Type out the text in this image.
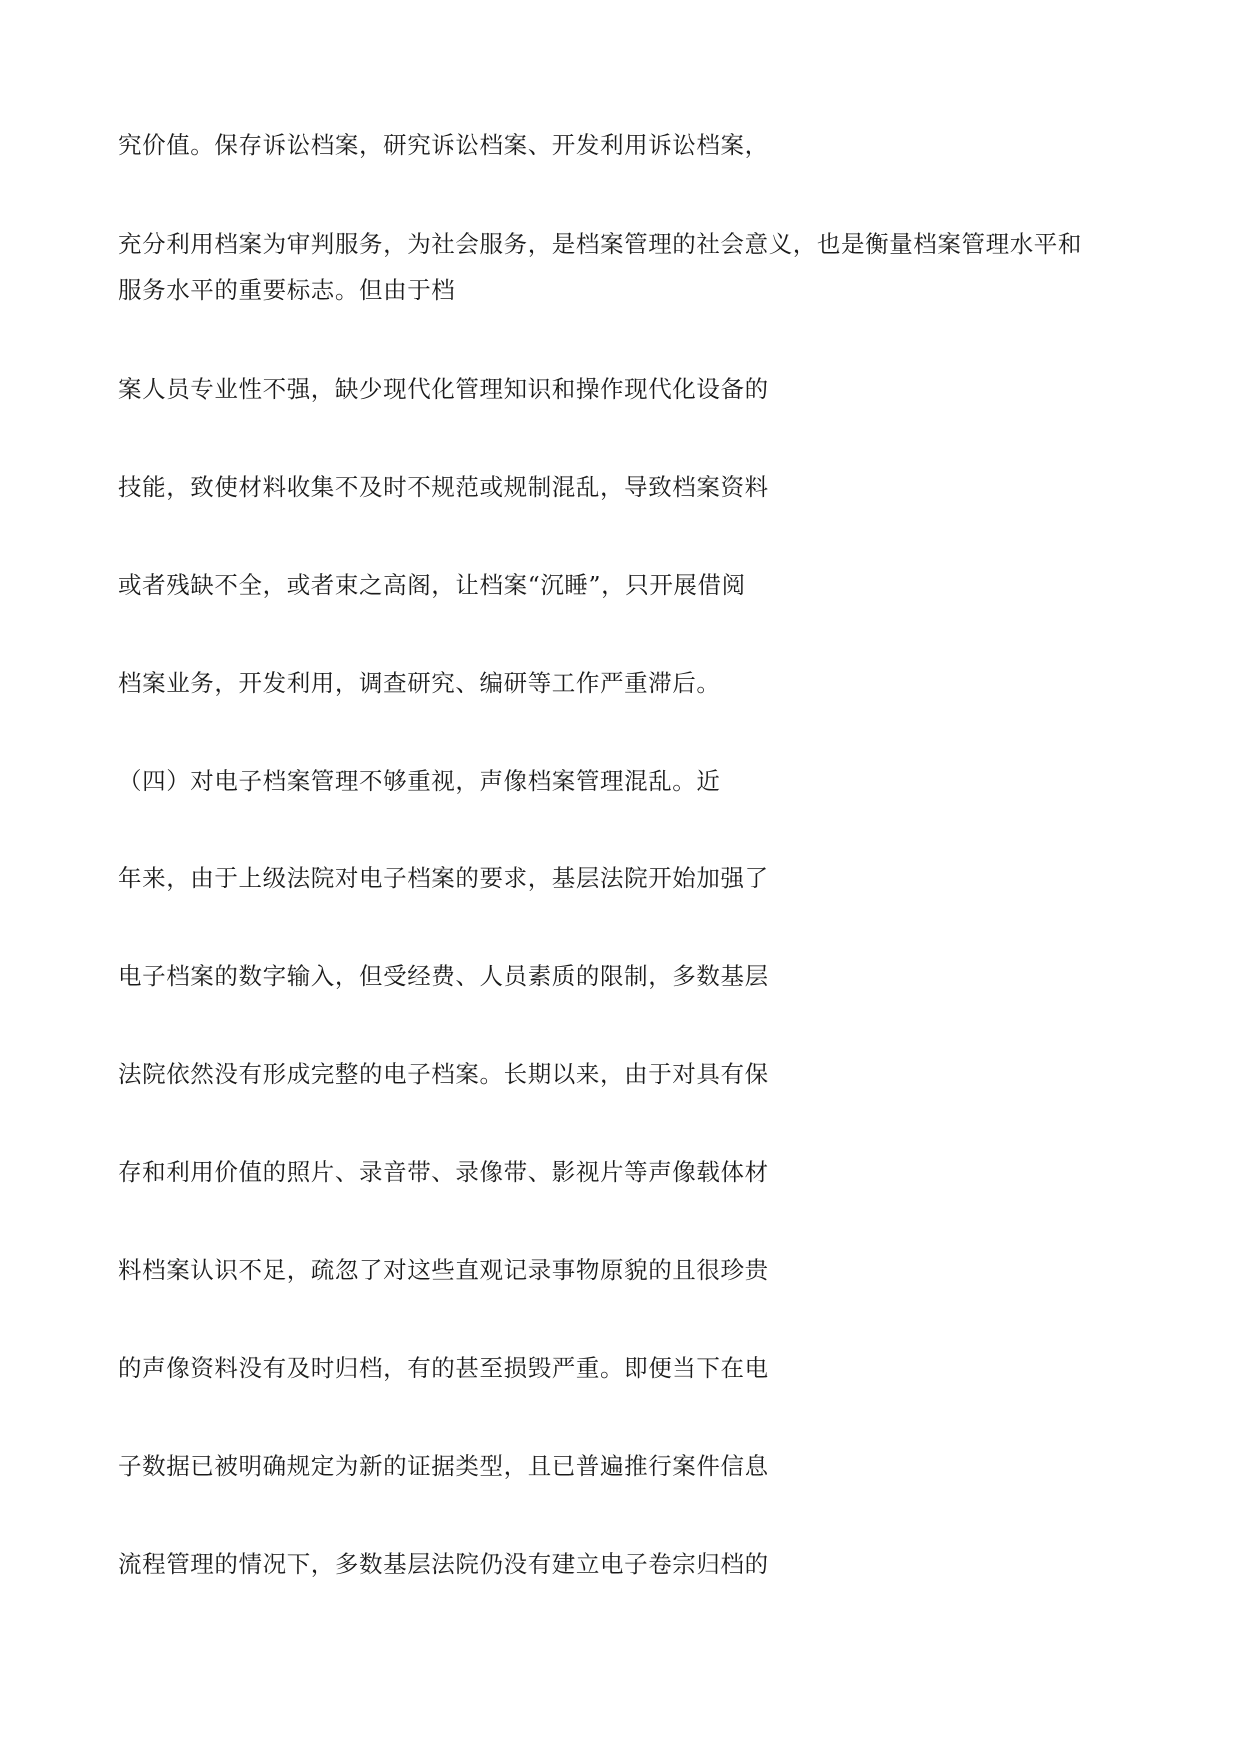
究价值。保存诉讼档案，研究诉讼档案、开发利用诉讼档案，

充分利用档案为审判服务，为社会服务，是档案管理的社会意义，也是衡量档案管理水平和

服务水平的重要标志。但由于档

案人员专业性不强，缺少现代化管理知识和操作现代化设备的

技能，致使材料收集不及时不规范或规制混乱，导致档案资料

或者残缺不全，或者束之高阁，让档案“沉睡”，只开展借阅

档案业务，开发利用，调查研究、编研等工作严重滞后。

（四）对电子档案管理不够重视，声像档案管理混乱。近

年来，由于上级法院对电子档案的要求，基层法院开始加强了

电子档案的数字输入，但受经费、人员素质的限制，多数基层

法院依然没有形成完整的电子档案。长期以来，由于对具有保

存和利用价值的照片、录音带、录像带、影视片等声像载体材

料档案认识不足，疏忽了对这些直观记录事物原貌的且很珍贵

的声像资料没有及时归档，有的甚至损毁严重。即便当下在电

子数据已被明确规定为新的证据类型，且已普遍推行案件信息

流程管理的情况下，多数基层法院仍没有建立电子卷宗归档的
